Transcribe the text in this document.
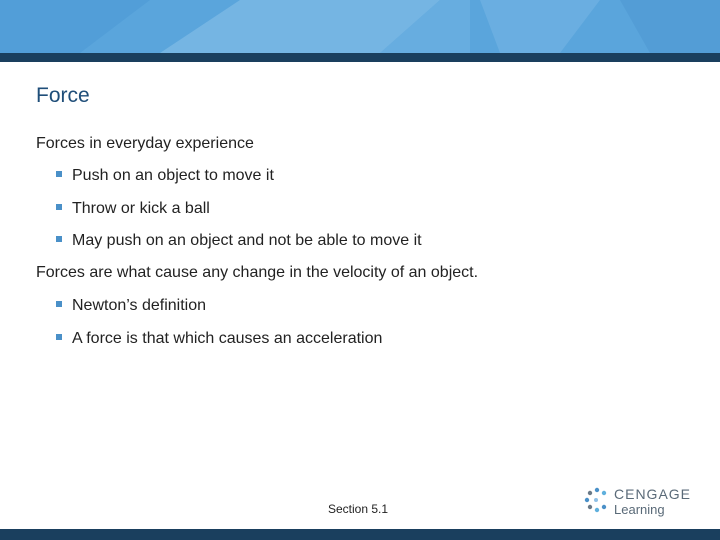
Force
Forces in everyday experience
Push on an object to move it
Throw or kick a ball
May push on an object and not be able to move it
Forces are what cause any change in the velocity of an object.
Newton’s definition
A force is that which causes an acceleration
Section 5.1
CENGAGE
Learning
